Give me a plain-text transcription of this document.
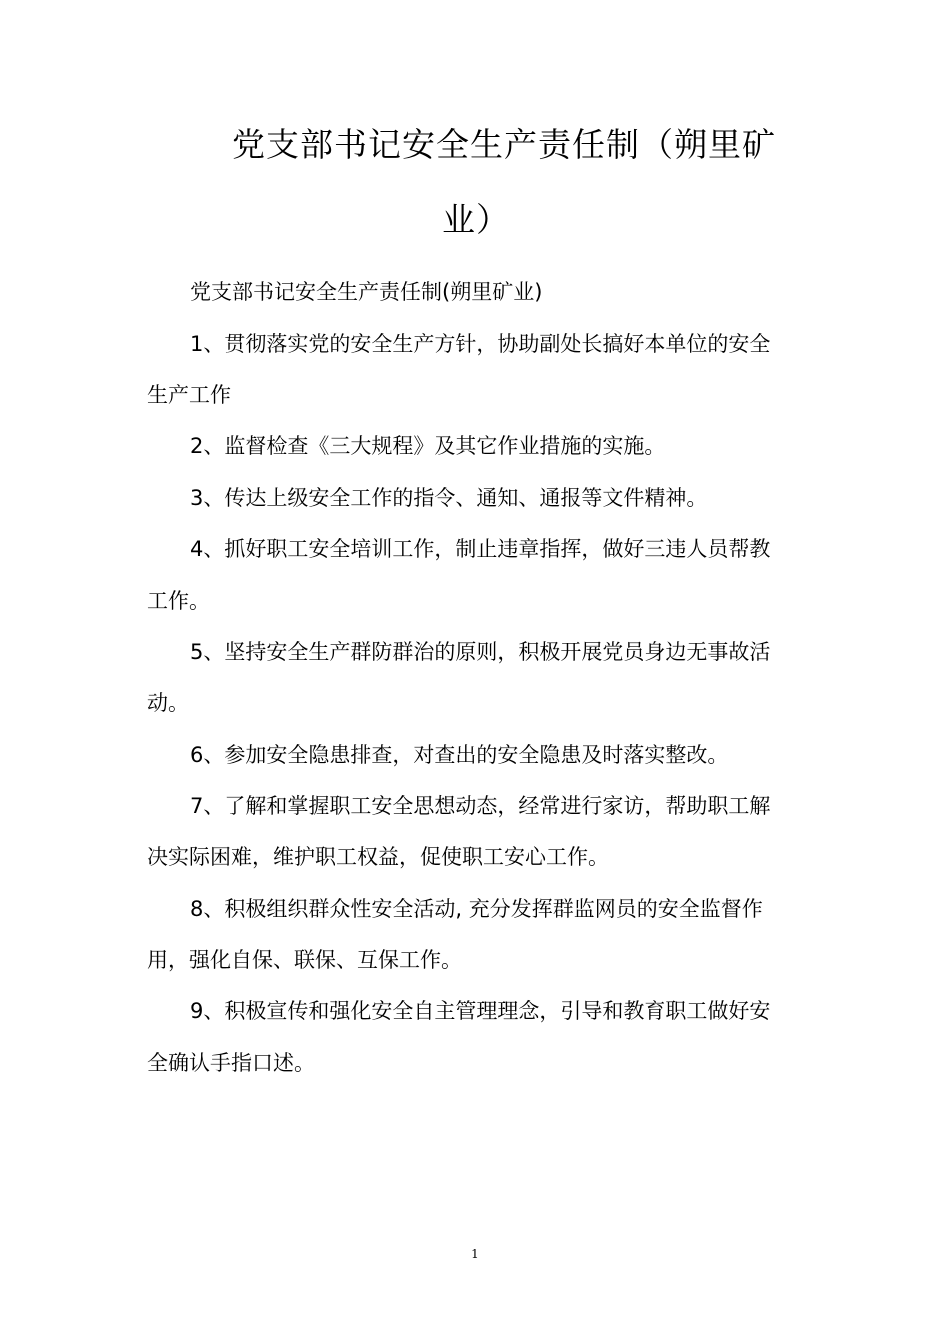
党支部书记安全生产责任制（朔里矿
业）

党支部书记安全生产责任制(朔里矿业)

1、贯彻落实党的安全生产方针，协助副处长搞好本单位的安全

生产工作

2、监督检查《三大规程》及其它作业措施的实施。

3、传达上级安全工作的指令、通知、通报等文件精神。

4、抓好职工安全培训工作，制止违章指挥，做好三违人员帮教

工作。

5、坚持安全生产群防群治的原则，积极开展党员身边无事故活

动。

6、参加安全隐患排查，对查出的安全隐患及时落实整改。

7、了解和掌握职工安全思想动态，经常进行家访，帮助职工解

决实际困难，维护职工权益，促使职工安心工作。

8、积极组织群众性安全活动, 充分发挥群监网员的安全监督作

用，强化自保、联保、互保工作。

9、积极宣传和强化安全自主管理理念，引导和教育职工做好安

全确认手指口述。

1
